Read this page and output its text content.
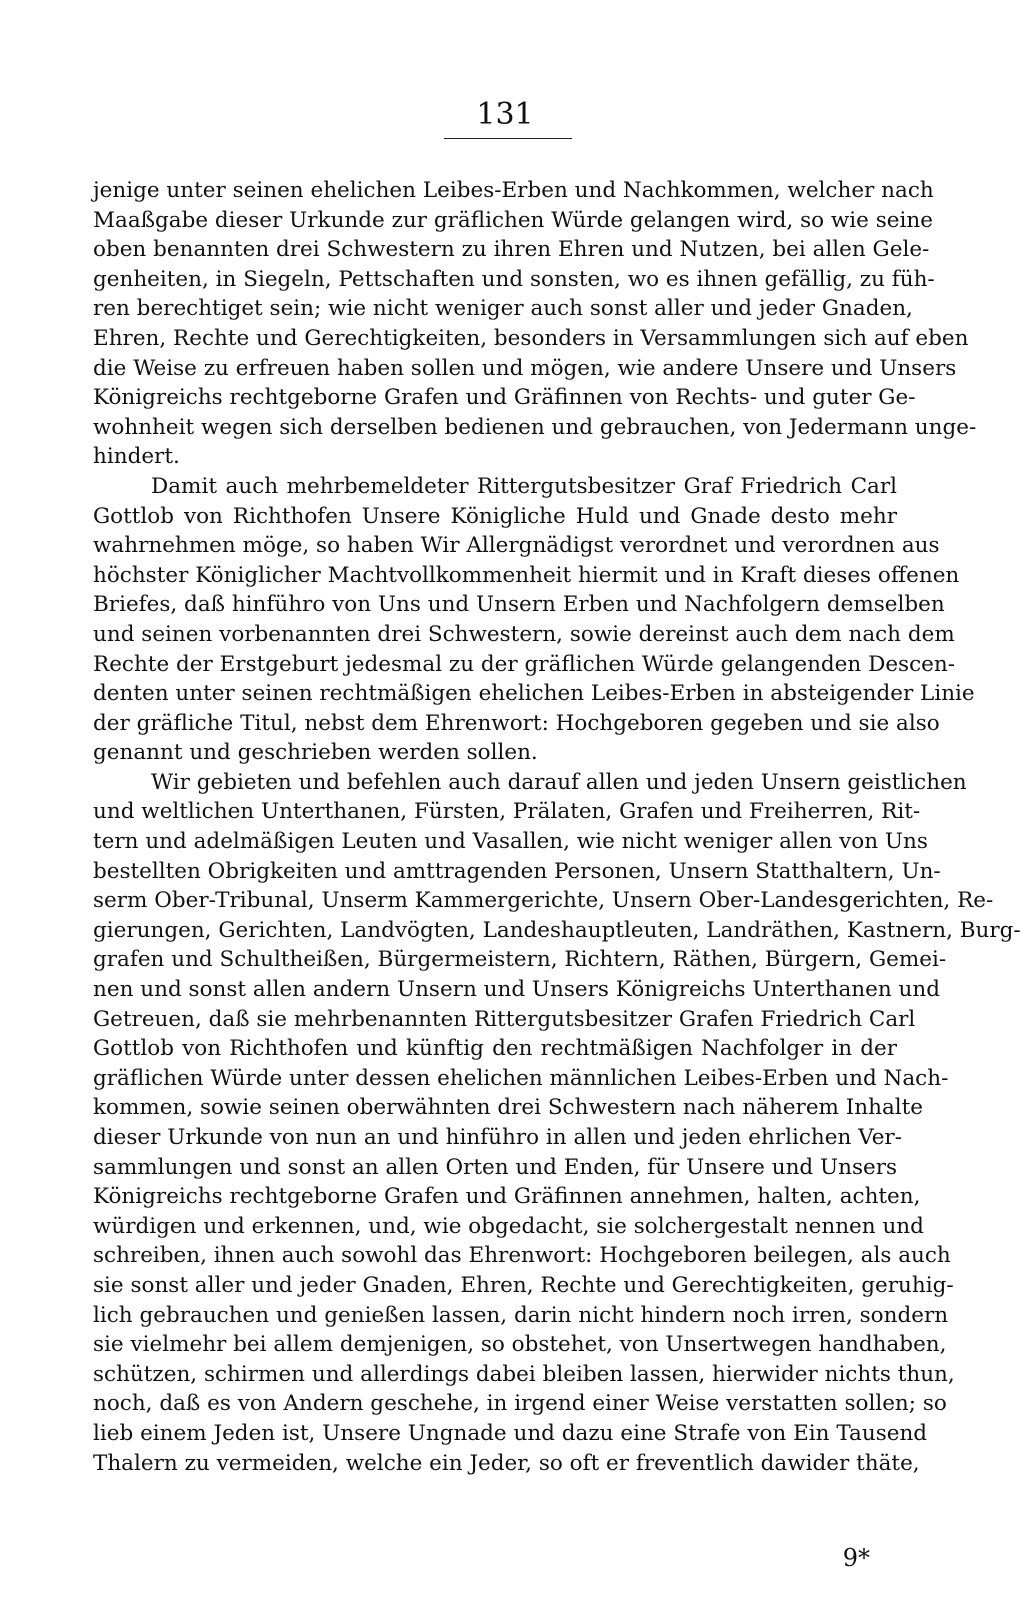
131
jenige unter seinen ehelichen Leibes-Erben und Nachkommen, welcher nach
Maaßgabe dieser Urkunde zur gräflichen Würde gelangen wird, so wie seine
oben benannten drei Schwestern zu ihren Ehren und Nutzen, bei allen Gele-
genheiten, in Siegeln, Pettschaften und sonsten, wo es ihnen gefällig, zu füh-
ren berechtiget sein; wie nicht weniger auch sonst aller und jeder Gnaden,
Ehren, Rechte und Gerechtigkeiten, besonders in Versammlungen sich auf eben
die Weise zu erfreuen haben sollen und mögen, wie andere Unsere und Unsers
Königreichs rechtgeborne Grafen und Gräfinnen von Rechts- und guter Ge-
wohnheit wegen sich derselben bedienen und gebrauchen, von Jedermann unge-
hindert.
Damit auch mehrbemeldeter Rittergutsbesitzer Graf Friedrich Carl
Gottlob von Richthofen Unsere Königliche Huld und Gnade desto mehr
wahrnehmen möge, so haben Wir Allergnädigst verordnet und verordnen aus
höchster Königlicher Machtvollkommenheit hiermit und in Kraft dieses offenen
Briefes, daß hinführo von Uns und Unsern Erben und Nachfolgern demselben
und seinen vorbenannten drei Schwestern, sowie dereinst auch dem nach dem
Rechte der Erstgeburt jedesmal zu der gräflichen Würde gelangenden Descen-
denten unter seinen rechtmäßigen ehelichen Leibes-Erben in absteigender Linie
der gräfliche Titul, nebst dem Ehrenwort: Hochgeboren gegeben und sie also
genannt und geschrieben werden sollen.
Wir gebieten und befehlen auch darauf allen und jeden Unsern geistlichen
und weltlichen Unterthanen, Fürsten, Prälaten, Grafen und Freiherren, Rit-
tern und adelmäßigen Leuten und Vasallen, wie nicht weniger allen von Uns
bestellten Obrigkeiten und amttragenden Personen, Unsern Statthaltern, Un-
serm Ober-Tribunal, Unserm Kammergerichte, Unsern Ober-Landesgerichten, Re-
gierungen, Gerichten, Landvögten, Landeshauptleuten, Landräthen, Kastnern, Burg-
grafen und Schultheißen, Bürgermeistern, Richtern, Räthen, Bürgern, Gemei-
nen und sonst allen andern Unsern und Unsers Königreichs Unterthanen und
Getreuen, daß sie mehrbenannten Rittergutsbesitzer Grafen Friedrich Carl
Gottlob von Richthofen und künftig den rechtmäßigen Nachfolger in der
gräflichen Würde unter dessen ehelichen männlichen Leibes-Erben und Nach-
kommen, sowie seinen oberwähnten drei Schwestern nach näherem Inhalte
dieser Urkunde von nun an und hinführo in allen und jeden ehrlichen Ver-
sammlungen und sonst an allen Orten und Enden, für Unsere und Unsers
Königreichs rechtgeborne Grafen und Gräfinnen annehmen, halten, achten,
würdigen und erkennen, und, wie obgedacht, sie solchergestalt nennen und
schreiben, ihnen auch sowohl das Ehrenwort: Hochgeboren beilegen, als auch
sie sonst aller und jeder Gnaden, Ehren, Rechte und Gerechtigkeiten, geruhig-
lich gebrauchen und genießen lassen, darin nicht hindern noch irren, sondern
sie vielmehr bei allem demjenigen, so obstehet, von Unsertwegen handhaben,
schützen, schirmen und allerdings dabei bleiben lassen, hierwider nichts thun,
noch, daß es von Andern geschehe, in irgend einer Weise verstatten sollen; so
lieb einem Jeden ist, Unsere Ungnade und dazu eine Strafe von Ein Tausend
Thalern zu vermeiden, welche ein Jeder, so oft er freventlich dawider thäte,
9*
